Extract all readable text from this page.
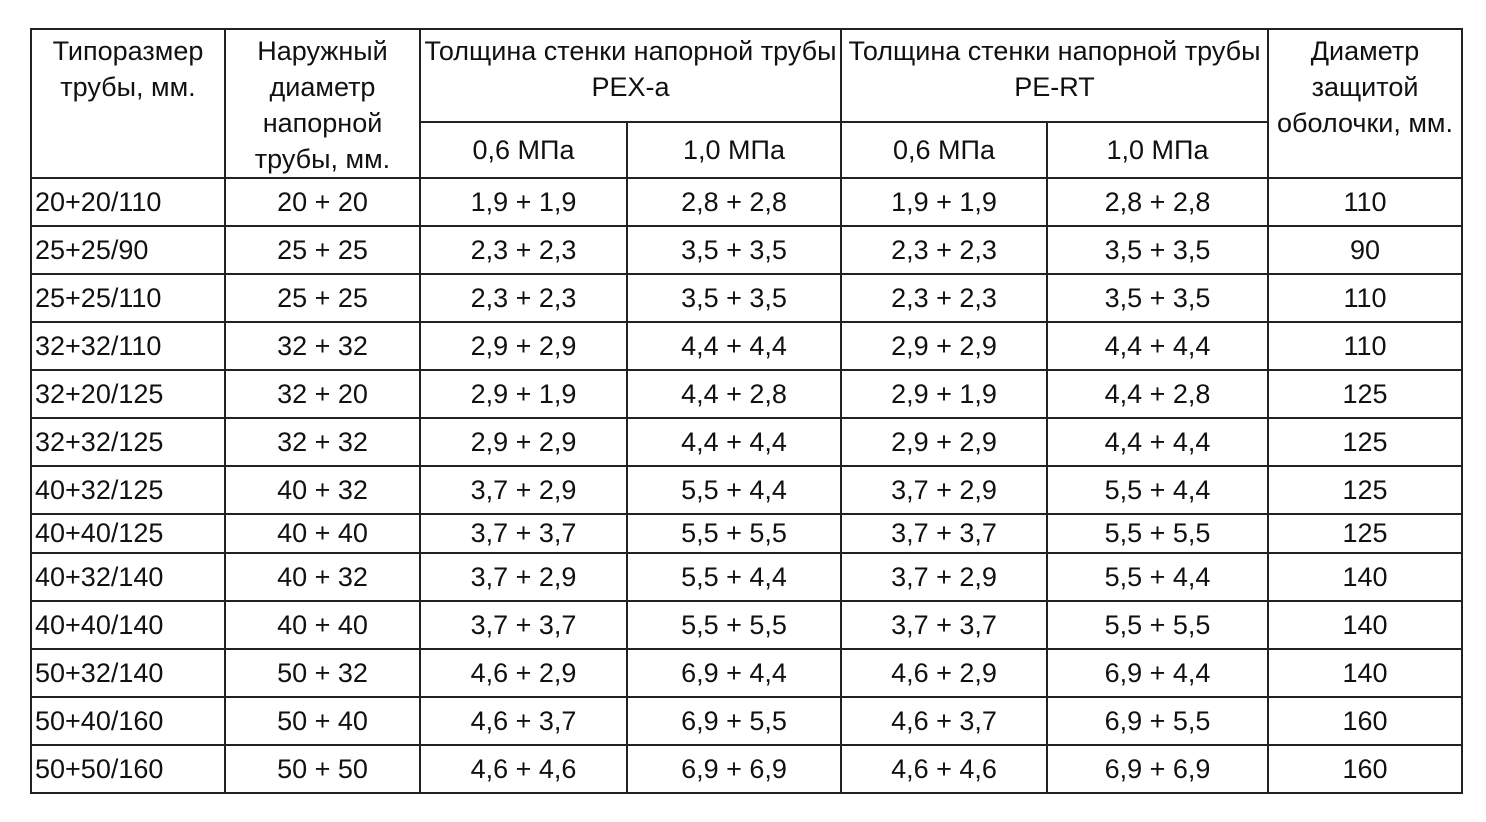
Типоразмер трубы, мм.	Наружный диаметр напорной трубы, мм.	Толщина стенки напорной трубы PEX-a		Толщина стенки напорной трубы PE-RT		Диаметр защитой оболочки, мм.
		0,6 МПа	1,0 МПа	0,6 МПа	1,0 МПа	
20+20/110	20 + 20	1,9 + 1,9	2,8 + 2,8	1,9 + 1,9	2,8 + 2,8	110
25+25/90	25 + 25	2,3 + 2,3	3,5 + 3,5	2,3 + 2,3	3,5 + 3,5	90
25+25/110	25 + 25	2,3 + 2,3	3,5 + 3,5	2,3 + 2,3	3,5 + 3,5	110
32+32/110	32 + 32	2,9 + 2,9	4,4 + 4,4	2,9 + 2,9	4,4 + 4,4	110
32+20/125	32 + 20	2,9 + 1,9	4,4 + 2,8	2,9 + 1,9	4,4 + 2,8	125
32+32/125	32 + 32	2,9 + 2,9	4,4 + 4,4	2,9 + 2,9	4,4 + 4,4	125
40+32/125	40 + 32	3,7 + 2,9	5,5 + 4,4	3,7 + 2,9	5,5 + 4,4	125
40+40/125	40 + 40	3,7 + 3,7	5,5 + 5,5	3,7 + 3,7	5,5 + 5,5	125
40+32/140	40 + 32	3,7 + 2,9	5,5 + 4,4	3,7 + 2,9	5,5 + 4,4	140
40+40/140	40 + 40	3,7 + 3,7	5,5 + 5,5	3,7 + 3,7	5,5 + 5,5	140
50+32/140	50 + 32	4,6 + 2,9	6,9 + 4,4	4,6 + 2,9	6,9 + 4,4	140
50+40/160	50 + 40	4,6 + 3,7	6,9 + 5,5	4,6 + 3,7	6,9 + 5,5	160
50+50/160	50 + 50	4,6 + 4,6	6,9 + 6,9	4,6 + 4,6	6,9 + 6,9	160
